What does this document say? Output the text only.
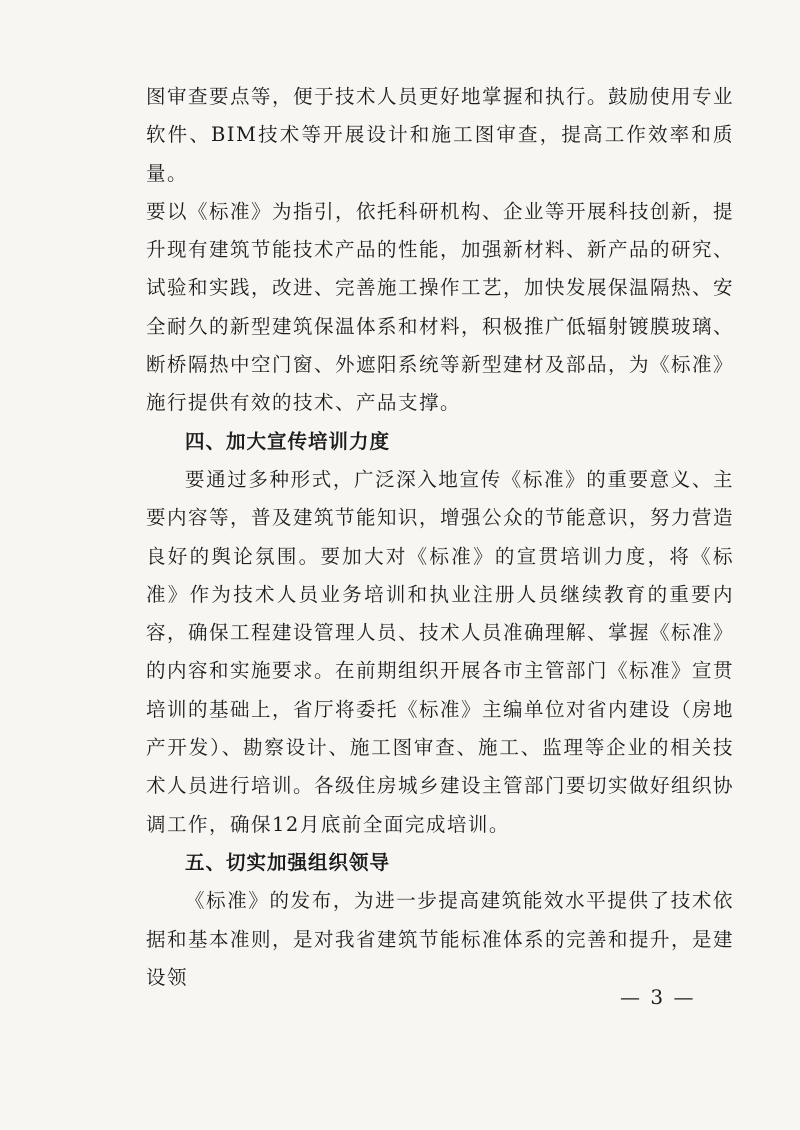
图审查要点等，便于技术人员更好地掌握和执行。鼓励使用专业软件、BIM技术等开展设计和施工图审查，提高工作效率和质量。

要以《标准》为指引，依托科研机构、企业等开展科技创新，提升现有建筑节能技术产品的性能，加强新材料、新产品的研究、试验和实践，改进、完善施工操作工艺，加快发展保温隔热、安全耐久的新型建筑保温体系和材料，积极推广低辐射镀膜玻璃、断桥隔热中空门窗、外遮阳系统等新型建材及部品，为《标准》施行提供有效的技术、产品支撑。

四、加大宣传培训力度

要通过多种形式，广泛深入地宣传《标准》的重要意义、主要内容等，普及建筑节能知识，增强公众的节能意识，努力营造良好的舆论氛围。要加大对《标准》的宣贯培训力度，将《标准》作为技术人员业务培训和执业注册人员继续教育的重要内容，确保工程建设管理人员、技术人员准确理解、掌握《标准》的内容和实施要求。在前期组织开展各市主管部门《标准》宣贯培训的基础上，省厅将委托《标准》主编单位对省内建设（房地产开发）、勘察设计、施工图审查、施工、监理等企业的相关技术人员进行培训。各级住房城乡建设主管部门要切实做好组织协调工作，确保12月底前全面完成培训。

五、切实加强组织领导

《标准》的发布，为进一步提高建筑能效水平提供了技术依据和基本准则，是对我省建筑节能标准体系的完善和提升，是建设领

— 3 —
